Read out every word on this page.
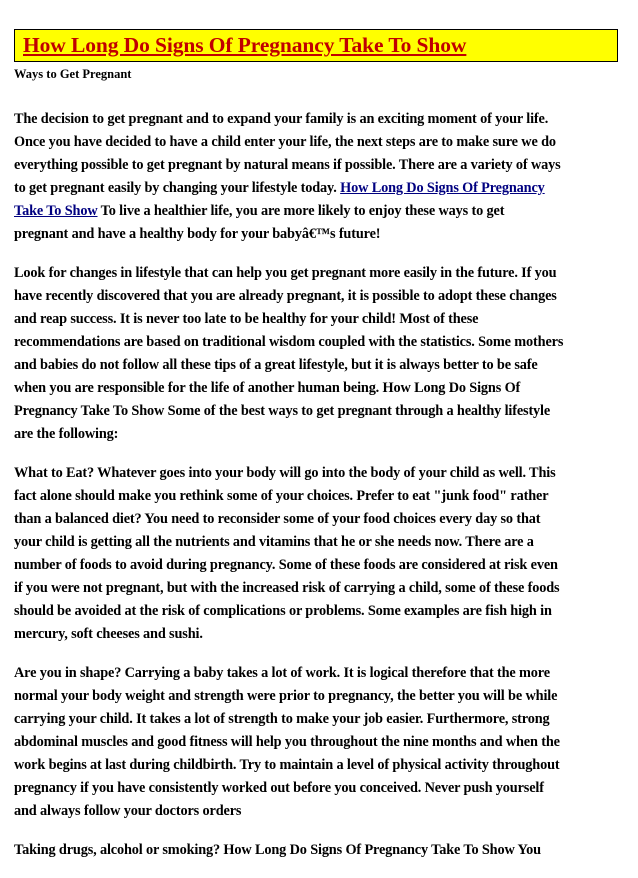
How Long Do Signs Of Pregnancy Take To Show
Ways to Get Pregnant

The decision to get pregnant and to expand your family is an exciting moment of your life.
Once you have decided to have a child enter your life, the next steps are to make sure we do
everything possible to get pregnant by natural means if possible. There are a variety of ways
to get pregnant easily by changing your lifestyle today. How Long Do Signs Of Pregnancy
Take To Show To live a healthier life, you are more likely to enjoy these ways to get
pregnant and have a healthy body for your babyâ€™s future!

Look for changes in lifestyle that can help you get pregnant more easily in the future. If you
have recently discovered that you are already pregnant, it is possible to adopt these changes
and reap success. It is never too late to be healthy for your child! Most of these
recommendations are based on traditional wisdom coupled with the statistics. Some mothers
and babies do not follow all these tips of a great lifestyle, but it is always better to be safe
when you are responsible for the life of another human being. How Long Do Signs Of
Pregnancy Take To Show Some of the best ways to get pregnant through a healthy lifestyle
are the following:

What to Eat? Whatever goes into your body will go into the body of your child as well. This
fact alone should make you rethink some of your choices. Prefer to eat "junk food" rather
than a balanced diet? You need to reconsider some of your food choices every day so that
your child is getting all the nutrients and vitamins that he or she needs now. There are a
number of foods to avoid during pregnancy. Some of these foods are considered at risk even
if you were not pregnant, but with the increased risk of carrying a child, some of these foods
should be avoided at the risk of complications or problems. Some examples are fish high in
mercury, soft cheeses and sushi.

Are you in shape? Carrying a baby takes a lot of work. It is logical therefore that the more
normal your body weight and strength were prior to pregnancy, the better you will be while
carrying your child. It takes a lot of strength to make your job easier. Furthermore, strong
abdominal muscles and good fitness will help you throughout the nine months and when the
work begins at last during childbirth. Try to maintain a level of physical activity throughout
pregnancy if you have consistently worked out before you conceived. Never push yourself
and always follow your doctors orders

Taking drugs, alcohol or smoking? How Long Do Signs Of Pregnancy Take To Show You
